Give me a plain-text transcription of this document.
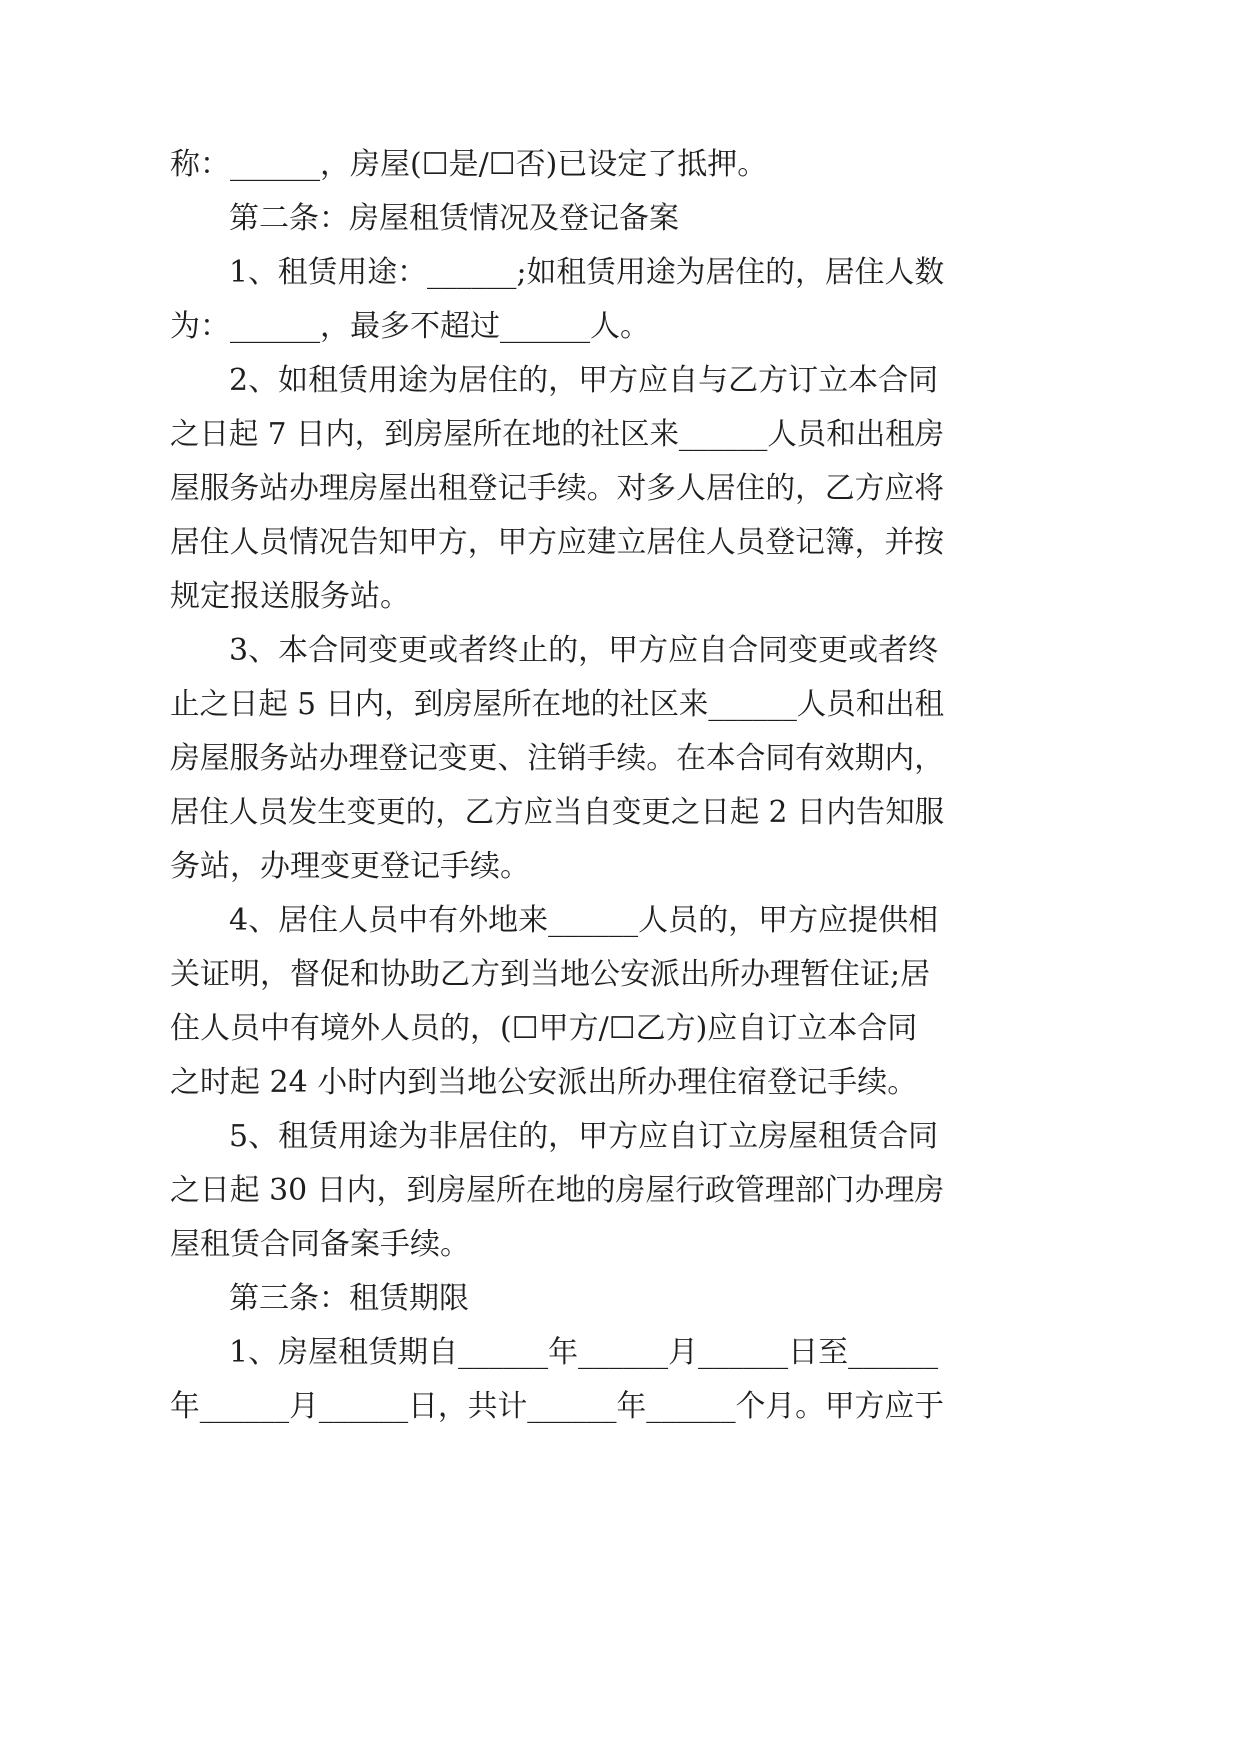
称：______，房屋(☐是/☐否)已设定了抵押。
第二条：房屋租赁情况及登记备案
1、租赁用途：______;如租赁用途为居住的，居住人数
为：______，最多不超过______人。
2、如租赁用途为居住的，甲方应自与乙方订立本合同
之日起 7 日内，到房屋所在地的社区来______人员和出租房
屋服务站办理房屋出租登记手续。对多人居住的，乙方应将
居住人员情况告知甲方，甲方应建立居住人员登记簿，并按
规定报送服务站。
3、本合同变更或者终止的，甲方应自合同变更或者终
止之日起 5 日内，到房屋所在地的社区来______人员和出租
房屋服务站办理登记变更、注销手续。在本合同有效期内，
居住人员发生变更的，乙方应当自变更之日起 2 日内告知服
务站，办理变更登记手续。
4、居住人员中有外地来______人员的，甲方应提供相
关证明，督促和协助乙方到当地公安派出所办理暂住证;居
住人员中有境外人员的，(☐甲方/☐乙方)应自订立本合同
之时起 24 小时内到当地公安派出所办理住宿登记手续。
5、租赁用途为非居住的，甲方应自订立房屋租赁合同
之日起 30 日内，到房屋所在地的房屋行政管理部门办理房
屋租赁合同备案手续。
第三条：租赁期限
1、房屋租赁期自______年______月______日至______
年______月______日，共计______年______个月。甲方应于
